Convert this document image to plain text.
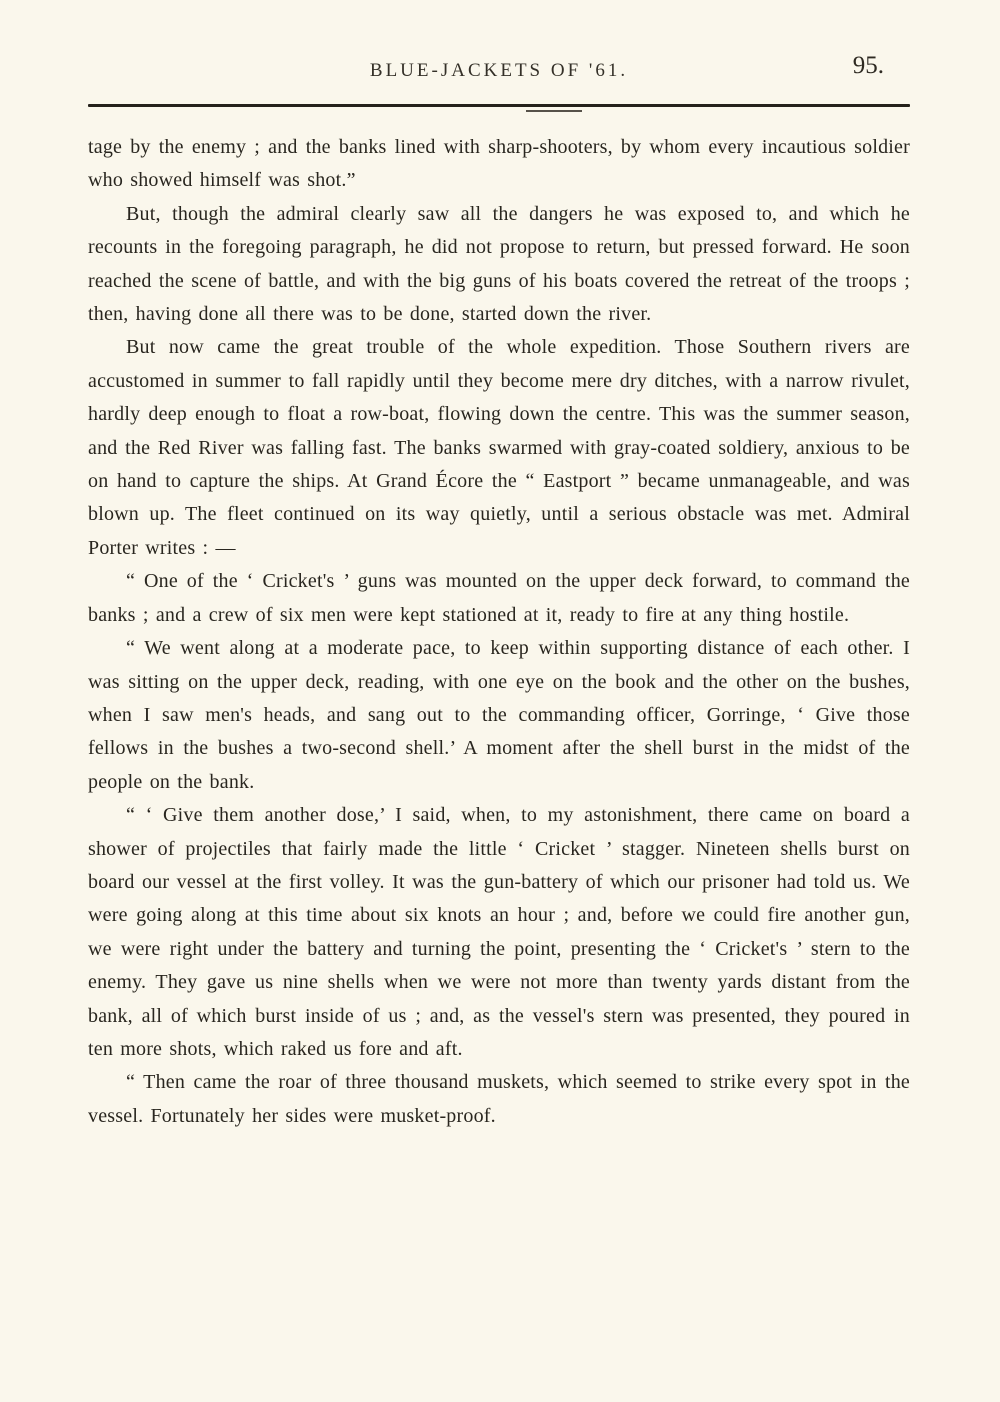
BLUE-JACKETS OF '61.	95.

tage by the enemy ; and the banks lined with sharp-shooters, by whom every incautious soldier who showed himself was shot.”

But, though the admiral clearly saw all the dangers he was exposed to, and which he recounts in the foregoing paragraph, he did not propose to return, but pressed forward. He soon reached the scene of battle, and with the big guns of his boats covered the retreat of the troops ; then, having done all there was to be done, started down the river.

But now came the great trouble of the whole expedition. Those Southern rivers are accustomed in summer to fall rapidly until they become mere dry ditches, with a narrow rivulet, hardly deep enough to float a row-boat, flowing down the centre. This was the summer season, and the Red River was falling fast. The banks swarmed with gray-coated soldiery, anxious to be on hand to capture the ships. At Grand Écore the “ Eastport ” became unmanageable, and was blown up. The fleet continued on its way quietly, until a serious obstacle was met. Admiral Porter writes : —

“ One of the ‘ Cricket's ’ guns was mounted on the upper deck forward, to command the banks ; and a crew of six men were kept stationed at it, ready to fire at any thing hostile.

“ We went along at a moderate pace, to keep within supporting distance of each other. I was sitting on the upper deck, reading, with one eye on the book and the other on the bushes, when I saw men's heads, and sang out to the commanding officer, Gorringe, ‘ Give those fellows in the bushes a two-second shell.’ A moment after the shell burst in the midst of the people on the bank.

“ ‘ Give them another dose,’ I said, when, to my astonishment, there came on board a shower of projectiles that fairly made the little ‘ Cricket ’ stagger. Nineteen shells burst on board our vessel at the first volley. It was the gun-battery of which our prisoner had told us. We were going along at this time about six knots an hour ; and, before we could fire another gun, we were right under the battery and turning the point, presenting the ‘ Cricket's ’ stern to the enemy. They gave us nine shells when we were not more than twenty yards distant from the bank, all of which burst inside of us ; and, as the vessel's stern was presented, they poured in ten more shots, which raked us fore and aft.

“ Then came the roar of three thousand muskets, which seemed to strike every spot in the vessel. Fortunately her sides were musket-proof.
